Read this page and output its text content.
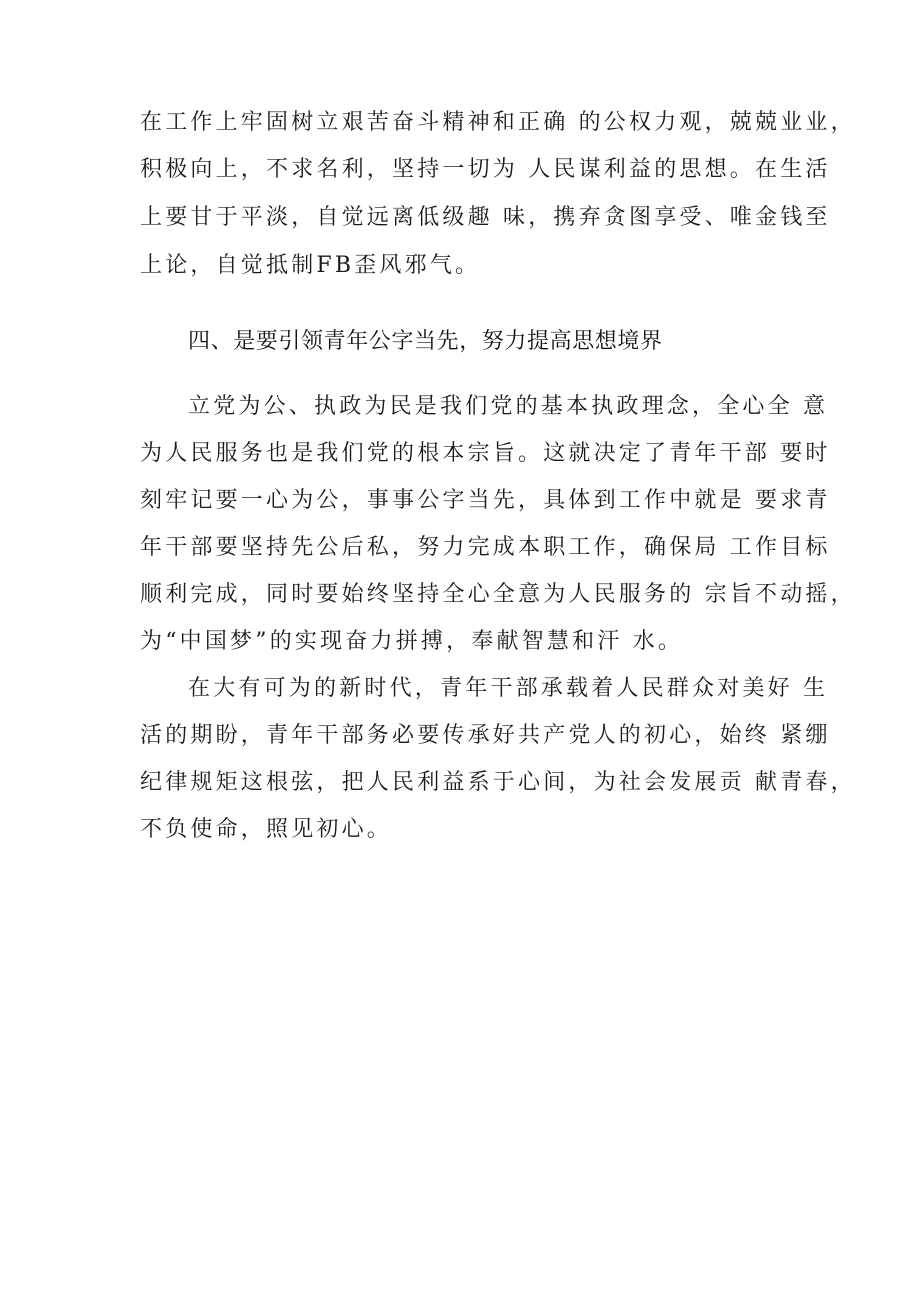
在工作上牢固树立艰苦奋斗精神和正确 的公权力观，兢兢业业，
积极向上，不求名利，坚持一切为 人民谋利益的思想。在生活
上要甘于平淡，自觉远离低级趣 味，携弃贪图享受、唯金钱至
上论，自觉抵制FB歪风邪气。
四、是要引领青年公字当先，努力提高思想境界
立党为公、执政为民是我们党的基本执政理念，全心全 意
为人民服务也是我们党的根本宗旨。这就决定了青年干部 要时
刻牢记要一心为公，事事公字当先，具体到工作中就是 要求青
年干部要坚持先公后私，努力完成本职工作，确保局 工作目标
顺利完成，同时要始终坚持全心全意为人民服务的 宗旨不动摇，
为“中国梦”的实现奋力拼搏，奉献智慧和汗 水。
在大有可为的新时代，青年干部承载着人民群众对美好 生
活的期盼，青年干部务必要传承好共产党人的初心，始终 紧绷
纪律规矩这根弦，把人民利益系于心间，为社会发展贡 献青春，
不负使命，照见初心。
